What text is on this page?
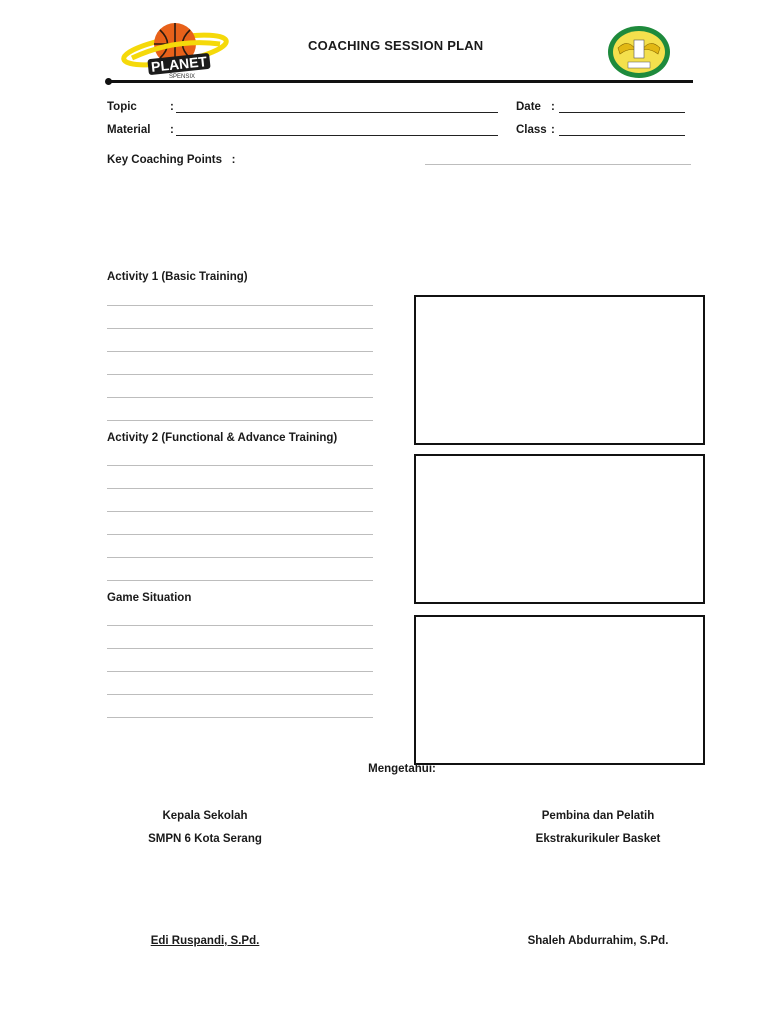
PLANET
SPENSIX
COACHING SESSION PLAN
Topic	:
Material :
Date :
Class :
Key Coaching Points   :
Activity 1 (Basic Training)
Activity 2 (Functional & Advance Training)
Game Situation
Mengetahui:
Kepala Sekolah
SMPN 6 Kota Serang
Edi Ruspandi, S.Pd.
Pembina dan Pelatih
Ekstrakurikuler Basket
Shaleh Abdurrahim, S.Pd.
